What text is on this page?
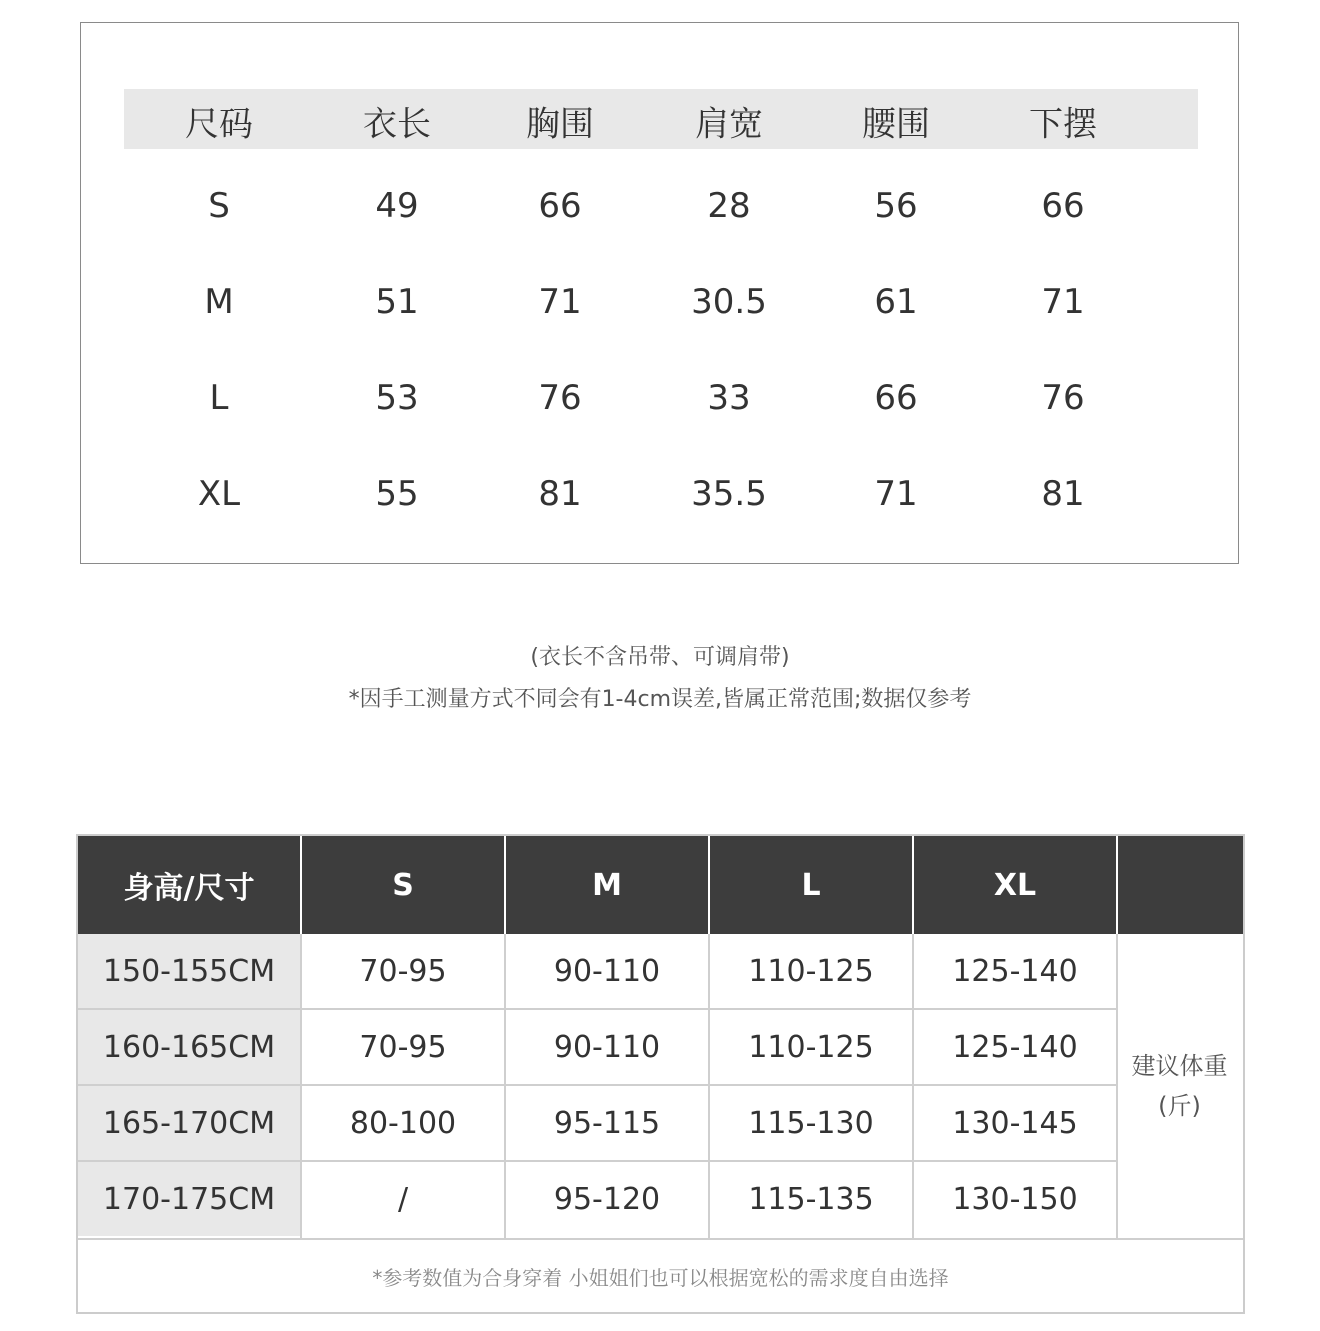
尺码	衣长	胸围	肩宽	腰围	下摆
S	49	66	28	56	66
M	51	71	30.5	61	71
L	53	76	33	66	76
XL	55	81	35.5	71	81
(衣长不含吊带、可调肩带)
*因手工测量方式不同会有1-4cm误差,皆属正常范围;数据仅参考
身高/尺寸	S	M	L	XL
150-155CM	70-95	90-110	110-125	125-140
160-165CM	70-95	90-110	110-125	125-140
165-170CM	80-100	95-115	115-130	130-145
170-175CM	/	95-120	115-135	130-150
建议体重
(斤)
*参考数值为合身穿着 小姐姐们也可以根据宽松的需求度自由选择
